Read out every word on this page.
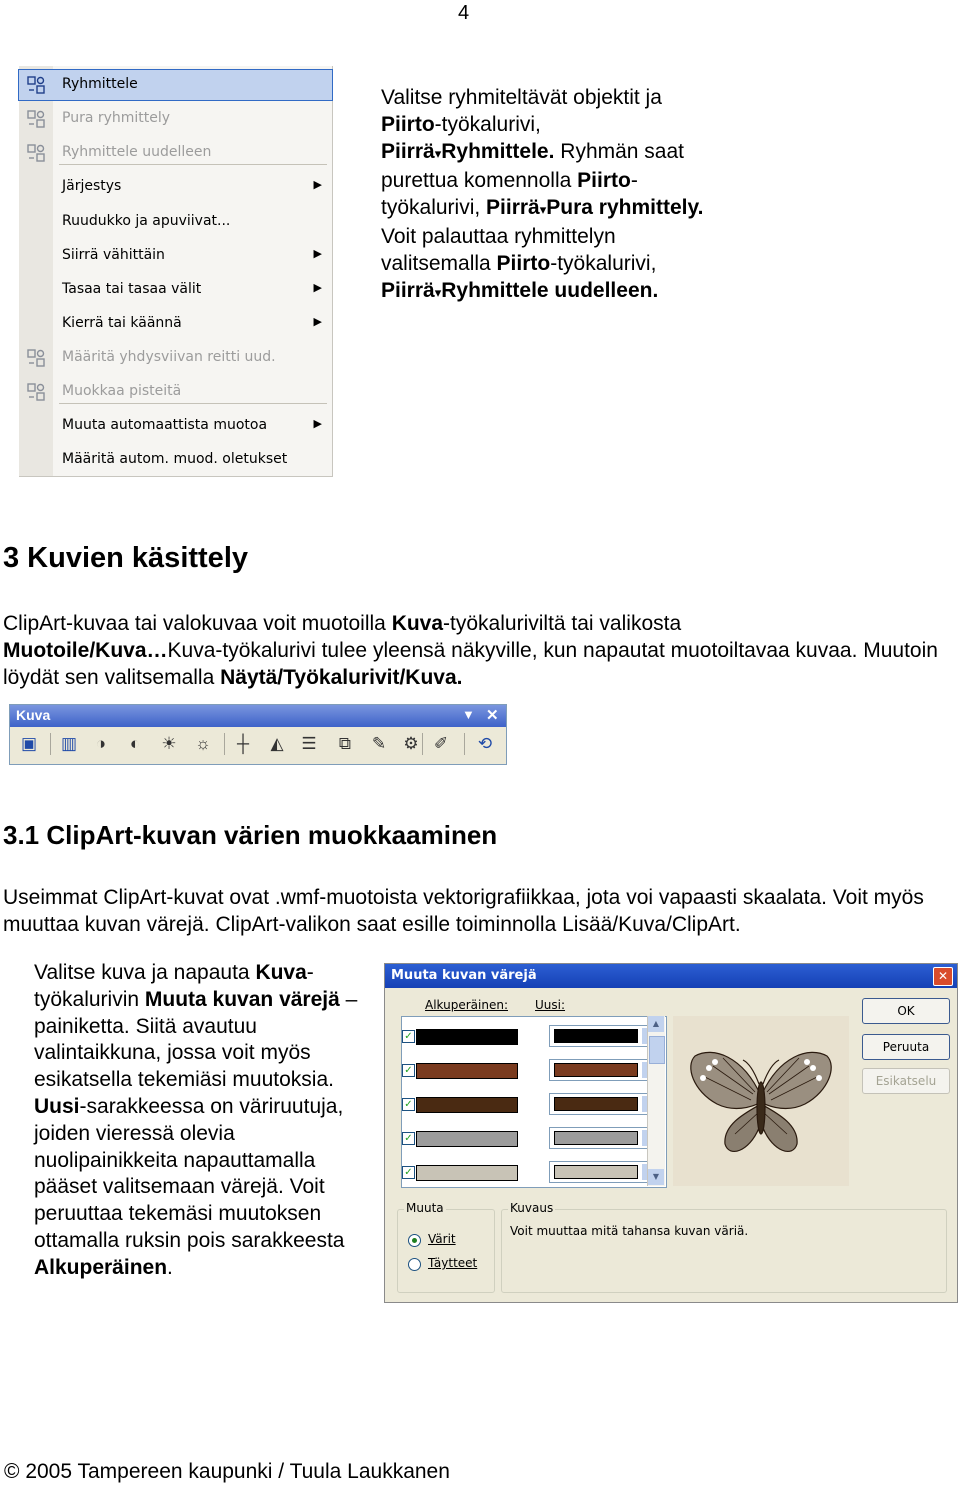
4
Ryhmittele
Pura ryhmittely
Ryhmittele uudelleen
Järjestys	▶
Ruudukko ja apuviivat...
Siirrä vähittäin	▶
Tasaa tai tasaa välit	▶
Kierrä tai käännä	▶
Määritä yhdysviivan reitti uud.
Muokkaa pisteitä
Muuta automaattista muotoa	▶
Määritä autom. muod. oletukset

Valitse ryhmiteltävät objektit ja Piirto-työkalurivi, Piirrä▾Ryhmittele. Ryhmän saat purettua komennolla Piirto-työkalurivi, Piirrä▾Pura ryhmittely. Voit palauttaa ryhmittelyn valitsemalla Piirto-työkalurivi, Piirrä▾Ryhmittele uudelleen.

3 Kuvien käsittely

ClipArt-kuvaa tai valokuvaa voit muotoilla Kuva-työkaluriviltä tai valikosta
Muotoile/Kuva…Kuva-työkalurivi tulee yleensä näkyville, kun napautat muotoiltavaa kuvaa. Muutoin löydät sen valitsemalla Näytä/Työkalurivit/Kuva.

Kuva	▼ ✕
▣ ▥	◑	◐	☀ ☼ ┼ ◭ ☰ ⧉ ✎ ⚙ ✐ ⟲
3.1 ClipArt-kuvan värien muokkaaminen

Useimmat ClipArt-kuvat ovat .wmf-muotoista vektorigrafiikkaa, jota voi vapaasti skaalata. Voit myös muuttaa kuvan värejä. ClipArt-valikon saat esille toiminnolla Lisää/Kuva/ClipArt.

Valitse kuva ja napauta Kuva-työkalurivin Muuta kuvan värejä –painiketta. Siitä avautuu valintaikkuna, jossa voit myös esikatsella tekemiäsi muutoksia. Uusi-sarakkeessa on väriruutuja, joiden vieressä olevia nuolipainikkeita napauttamalla pääset valitsemaan värejä. Voit peruuttaa tekemäsi muutoksen ottamalla ruksin pois sarakkeesta Alkuperäinen.

Muuta kuvan värejä	✕
Alkuperäinen: Uusi:
✓
✓
✓
✓
✓
▲
▼
OK
Peruuta
Esikatselu
Muuta
Värit
Täytteet
Kuvaus
Voit muuttaa mitä tahansa kuvan väriä.
© 2005 Tampereen kaupunki / Tuula Laukkanen
